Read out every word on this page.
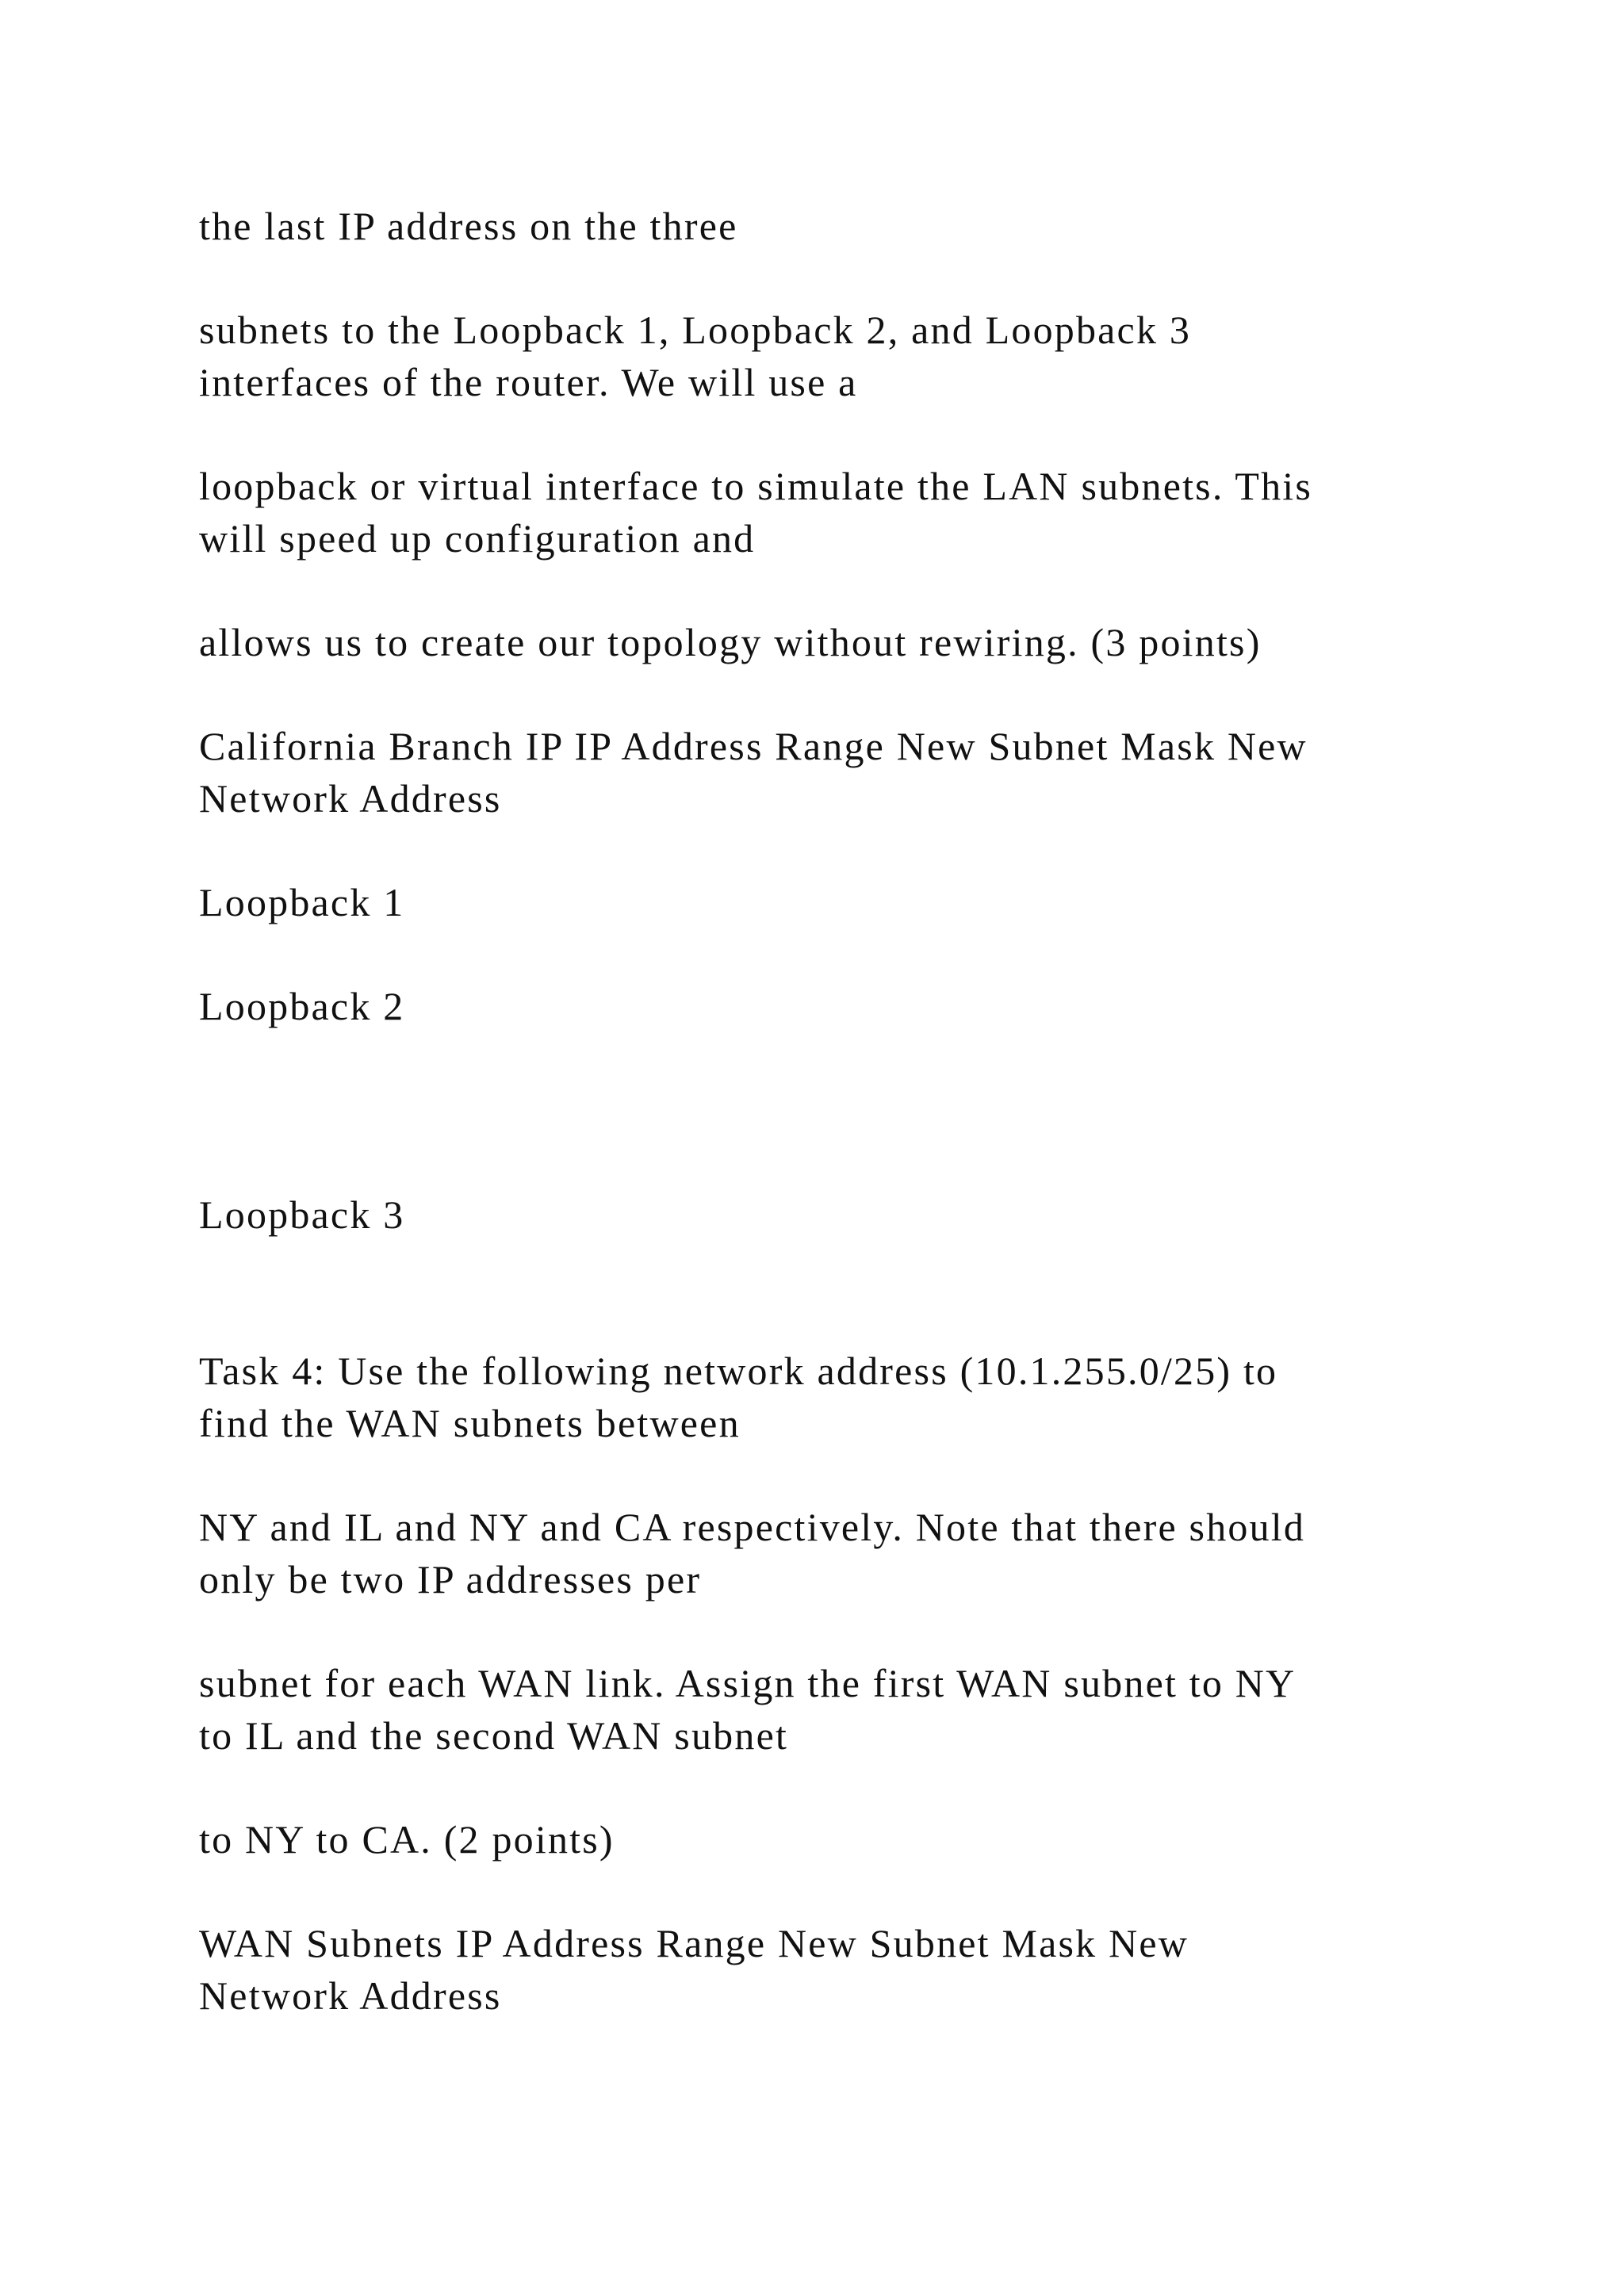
the last IP address on the three

subnets to the Loopback 1, Loopback 2, and Loopback 3
interfaces of the router. We will use a

loopback or virtual interface to simulate the LAN subnets. This
will speed up configuration and

allows us to create our topology without rewiring. (3 points)

California Branch IP IP Address Range New Subnet Mask New
Network Address

Loopback 1

Loopback 2

Loopback 3

Task 4: Use the following network address (10.1.255.0/25) to
find the WAN subnets between

NY and IL and NY and CA respectively. Note that there should
only be two IP addresses per

subnet for each WAN link. Assign the first WAN subnet to NY
to IL and the second WAN subnet

to NY to CA. (2 points)

WAN Subnets IP Address Range New Subnet Mask New
Network Address
